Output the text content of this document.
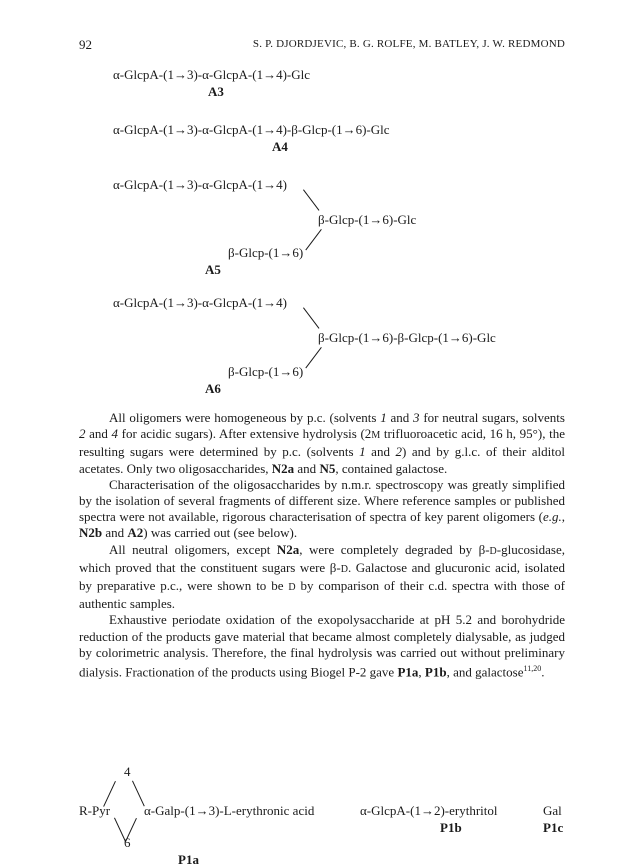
92	S. P. DJORDJEVIC, B. G. ROLFE, M. BATLEY, J. W. REDMOND
α-GlcpA-(1→3)-α-GlcpA-(1→4)-Glc
A3
α-GlcpA-(1→3)-α-GlcpA-(1→4)-β-Glcp-(1→6)-Glc
A4
α-GlcpA-(1→3)-α-GlcpA-(1→4)
β-Glcp-(1→6)-Glc
β-Glcp-(1→6)
A5
α-GlcpA-(1→3)-α-GlcpA-(1→4)
β-Glcp-(1→6)-β-Glcp-(1→6)-Glc
β-Glcp-(1→6)
A6

All oligomers were homogeneous by p.c. (solvents 1 and 3 for neutral sugars, solvents 2 and 4 for acidic sugars). After extensive hydrolysis (2M trifluoroacetic acid, 16 h, 95°), the resulting sugars were determined by p.c. (solvents 1 and 2) and by g.l.c. of their alditol acetates. Only two oligosaccharides, N2a and N5, contained galactose.

Characterisation of the oligosaccharides by n.m.r. spectroscopy was greatly simplified by the isolation of several fragments of different size. Where reference samples or published spectra were not available, rigorous characterisation of spectra of key parent oligomers (e.g., N2b and A2) was carried out (see below).

All neutral oligomers, except N2a, were completely degraded by β-D-glucosidase, which proved that the constituent sugars were β-D. Galactose and glucuronic acid, isolated by preparative p.c., were shown to be D by comparison of their c.d. spectra with those of authentic samples.

Exhaustive periodate oxidation of the exopolysaccharide at pH 5.2 and borohydride reduction of the products gave material that became almost completely dialysable, as judged by colorimetric analysis. Therefore, the final hydrolysis was carried out without preliminary dialysis. Fractionation of the products using Biogel P-2 gave P1a, P1b, and galactose$^{11,20}$.

4
R-Pyr	α-Galp-(1→3)-L-erythronic acid
6
P1a
α-GlcpA-(1→2)-erythritol
P1b
Gal
P1c
